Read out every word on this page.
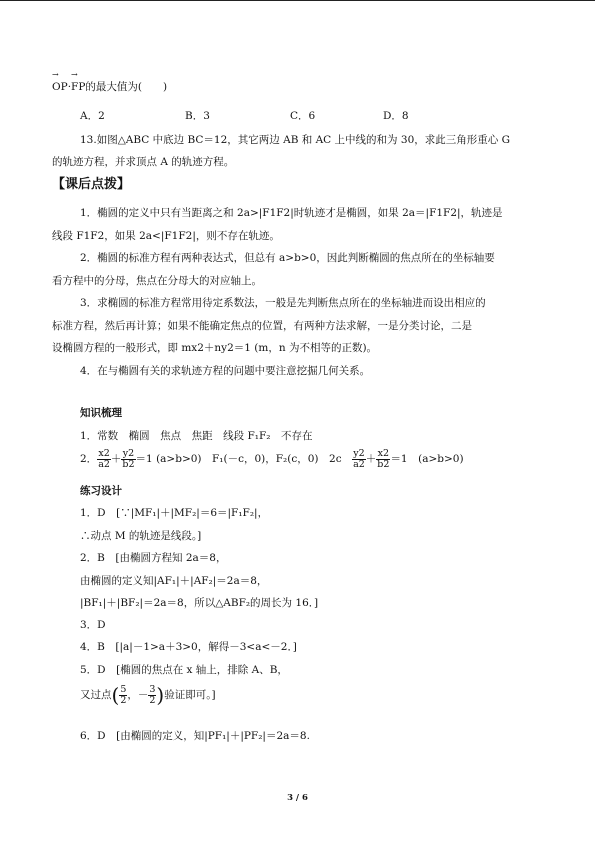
→ OP·→ FP的最大值为(　　)
A．2	B．3	C．6	D．8
13.如图△ABC 中底边 BC＝12，其它两边 AB 和 AC 上中线的和为 30，求此三角形重心 G
的轨迹方程，并求顶点 A 的轨迹方程。
【课后点拨】
1．椭圆的定义中只有当距离之和 2a>|F1F2|时轨迹才是椭圆，如果 2a＝|F1F2|，轨迹是
线段 F1F2，如果 2a<|F1F2|，则不存在轨迹。
2．椭圆的标准方程有两种表达式，但总有 a>b>0，因此判断椭圆的焦点所在的坐标轴要
看方程中的分母，焦点在分母大的对应轴上。
3．求椭圆的标准方程常用待定系数法，一般是先判断焦点所在的坐标轴进而设出相应的
标准方程，然后再计算；如果不能确定焦点的位置，有两种方法求解，一是分类讨论，二是
设椭圆方程的一般形式，即 mx2＋ny2＝1 (m，n 为不相等的正数)。
4．在与椭圆有关的求轨迹方程的问题中要注意挖掘几何关系。
知识梳理
1．常数　椭圆　焦点　焦距　线段 F₁F₂　不存在
2． $\frac{x2}{a2} + \frac{y2}{b2} =1$ (a>b>0)　F₁(－c，0)，F₂(c，0)　2c　 $\frac{y2}{a2} + \frac{x2}{b2} =1$　(a>b>0)
练习设计
1．D　[∵|MF₁|＋|MF₂|＝6＝|F₁F₂|，
∴动点 M 的轨迹是线段。]
2．B　[由椭圆方程知 2a＝8，
由椭圆的定义知|AF₁|＋|AF₂|＝2a＝8，
|BF₁|＋|BF₂|＝2a＝8，所以△ABF₂的周长为 16．]
3．D
4．B　[|a|－1>a＋3>0，解得－3<a<－2．]
5．D　[椭圆的焦点在 x 轴上，排除 A、B，
又过点( $\frac{5}{2}$ ，－ $\frac{3}{2}$ )验证即可。]
6．D　[由椭圆的定义，知|PF₁|＋|PF₂|＝2a＝8.
3 / 6
